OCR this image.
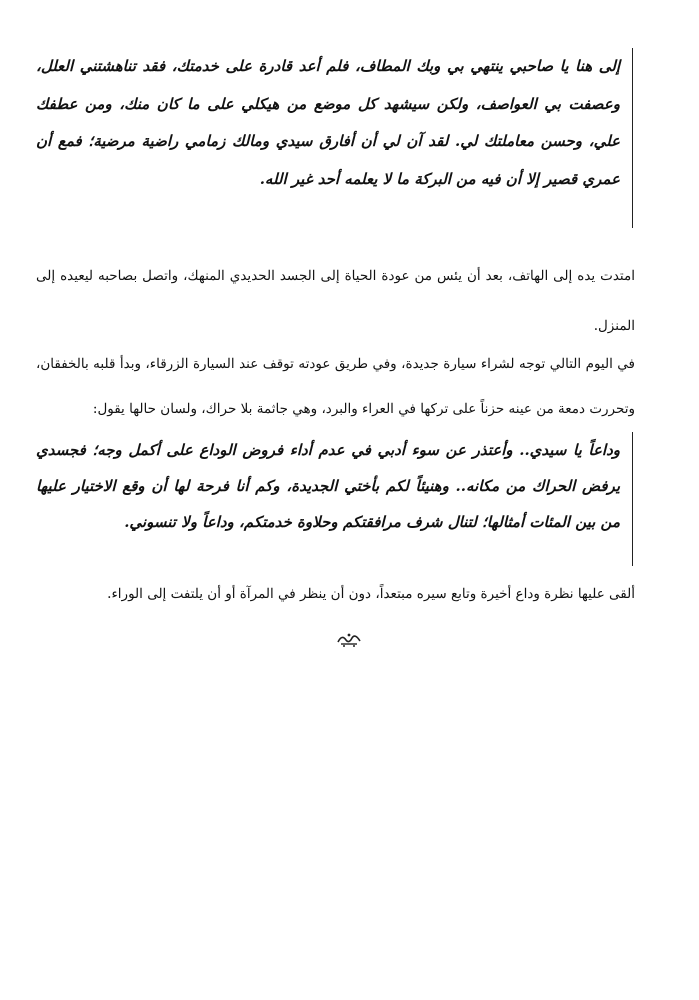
إلى هنا يا صاحبي ينتهي بي وبك المطاف، فلم أعد قادرة على خدمتك، فقد تناهشتني العلل، وعصفت بي العواصف، ولكن سيشهد كل موضع من هيكلي على ما كان منك، ومن عطفك علي، وحسن معاملتك لي. لقد آن لي أن أفارق سيدي ومالك زمامي راضية مرضية؛ فمع أن عمري قصير إلا أن فيه من البركة ما لا يعلمه أحد غير الله.

امتدت يده إلى الهاتف، بعد أن يئس من عودة الحياة إلى الجسد الحديدي المنهك، واتصل بصاحبه ليعيده إلى المنزل.

في اليوم التالي توجه لشراء سيارة جديدة، وفي طريق عودته توقف عند السيارة الزرقاء، وبدأ قلبه بالخفقان، وتحررت دمعة من عينه حزناً على تركها في العراء والبرد، وهي جاثمة بلا حراك، ولسان حالها يقول:

وداعاً يا سيدي.. وأعتذر عن سوء أدبي في عدم أداء فروض الوداع على أكمل وجه؛ فجسدي يرفض الحراك من مكانه.. وهنيئاً لكم بأختي الجديدة، وكم أنا فرحة لها أن وقع الاختيار عليها من بين المئات أمثالها؛ لتنال شرف مرافقتكم وحلاوة خدمتكم، وداعاً ولا تنسوني.

ألقى عليها نظرة وداع أخيرة وتابع سيره مبتعداً، دون أن ينظر في المرآة أو أن يلتفت إلى الوراء.
